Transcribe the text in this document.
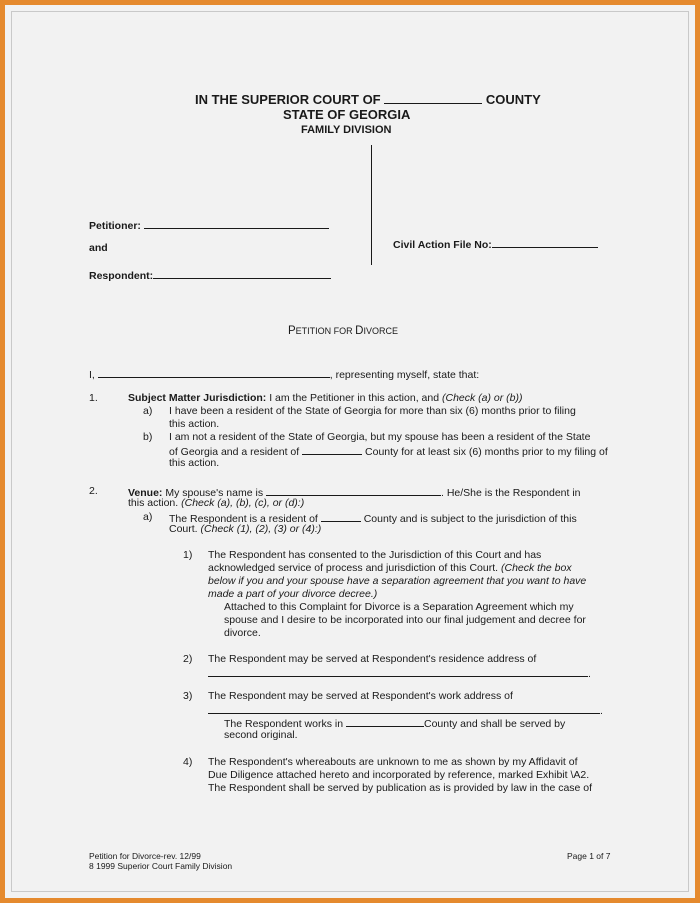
IN THE SUPERIOR COURT OF	COUNTY
STATE OF GEORGIA
FAMILY DIVISION
Petitioner:
and
Respondent:
Civil Action File No:
PETITION FOR DIVORCE
I,	, representing myself, state that:
1.	Subject Matter Jurisdiction: I am the Petitioner in this action, and (Check (a) or (b))
a) I have been a resident of the State of Georgia for more than six (6) months prior to filing
this action.
b) I am not a resident of the State of Georgia, but my spouse has been a resident of the State
of Georgia and a resident of	County for at least six (6) months prior to my filing of
this action.
2.	Venue: My spouse's name is	. He/She is the Respondent in
this action. (Check (a), (b), (c), or (d):)
a) The Respondent is a resident of	County and is subject to the jurisdiction of this
Court. (Check (1), (2), (3) or (4):)
1) The Respondent has consented to the Jurisdiction of this Court and has
acknowledged service of process and jurisdiction of this Court. (Check the box
below if you and your spouse have a separation agreement that you want to have
made a part of your divorce decree.)
Attached to this Complaint for Divorce is a Separation Agreement which my
spouse and I desire to be incorporated into our final judgement and decree for
divorce.
2) The Respondent may be served at Respondent's residence address of
.
3) The Respondent may be served at Respondent's work address of
.
The Respondent works in	County and shall be served by
second original.
4) The Respondent's whereabouts are unknown to me as shown by my Affidavit of
Due Diligence attached hereto and incorporated by reference, marked Exhibit \A2.
The Respondent shall be served by publication as is provided by law in the case of
Petition for Divorce-rev. 12/99
8 1999 Superior Court Family Division
Page 1 of 7
